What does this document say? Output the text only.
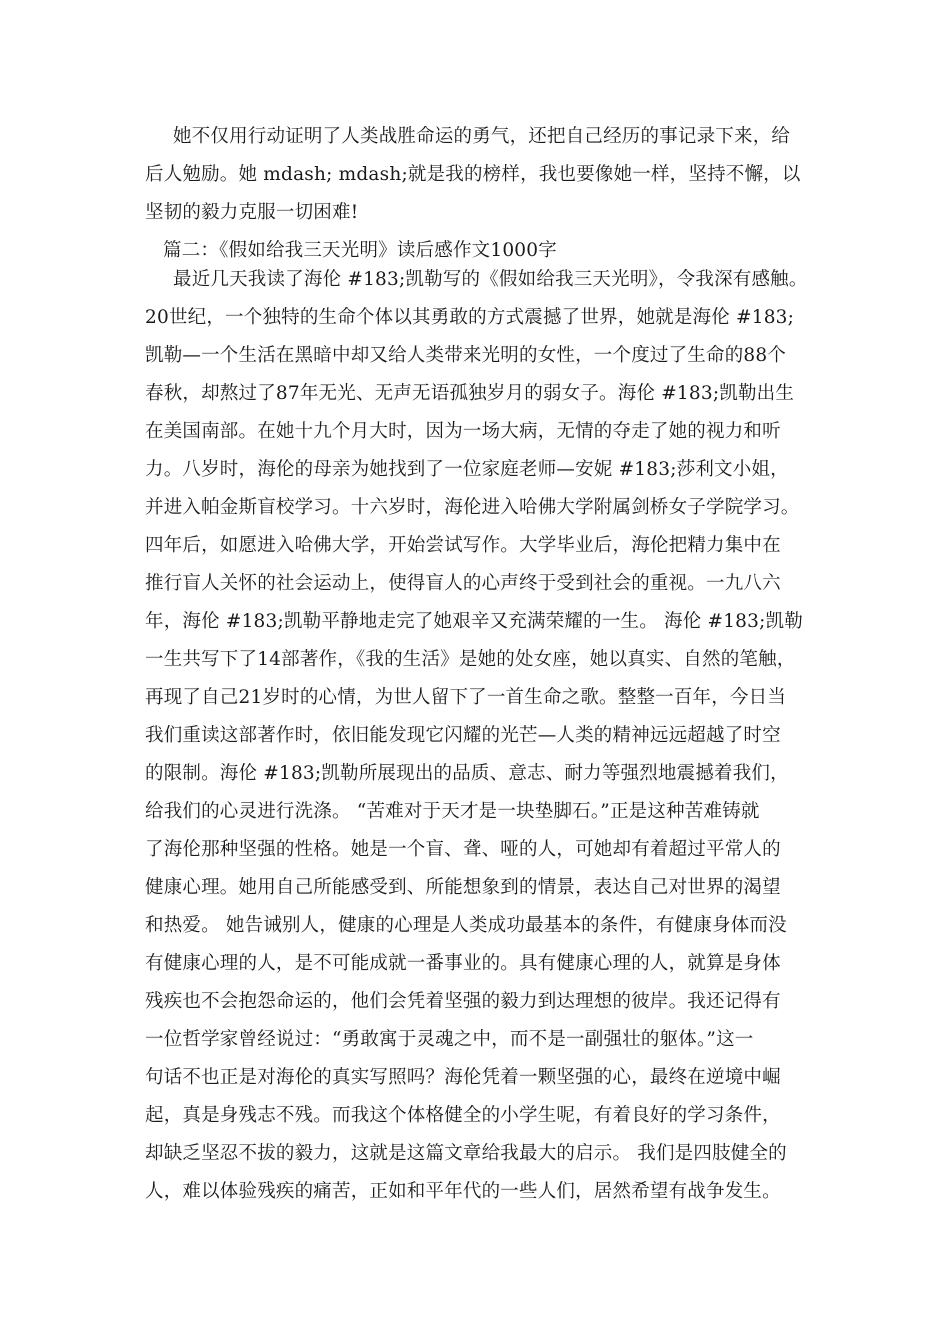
她不仅用行动证明了人类战胜命运的勇气，还把自己经历的事记录下来，给
后人勉励。她 mdash; mdash;就是我的榜样，我也要像她一样，坚持不懈，以
坚韧的毅力克服一切困难!
篇二：《假如给我三天光明》读后感作文1000字
最近几天我读了海伦 #183;凯勒写的《假如给我三天光明》，令我深有感触。
20世纪，一个独特的生命个体以其勇敢的方式震撼了世界，她就是海伦 #183;
凯勒—一个生活在黑暗中却又给人类带来光明的女性，一个度过了生命的88个
春秋，却熬过了87年无光、无声无语孤独岁月的弱女子。海伦 #183;凯勒出生
在美国南部。在她十九个月大时，因为一场大病，无情的夺走了她的视力和听
力。八岁时，海伦的母亲为她找到了一位家庭老师—安妮 #183;莎利文小姐，
并进入帕金斯盲校学习。十六岁时，海伦进入哈佛大学附属剑桥女子学院学习。
四年后，如愿进入哈佛大学，开始尝试写作。大学毕业后，海伦把精力集中在
推行盲人关怀的社会运动上，使得盲人的心声终于受到社会的重视。一九八六
年，海伦 #183;凯勒平静地走完了她艰辛又充满荣耀的一生。 海伦 #183;凯勒
一生共写下了14部著作，《我的生活》是她的处女座，她以真实、自然的笔触，
再现了自己21岁时的心情，为世人留下了一首生命之歌。整整一百年，今日当
我们重读这部著作时，依旧能发现它闪耀的光芒—人类的精神远远超越了时空
的限制。海伦 #183;凯勒所展现出的品质、意志、耐力等强烈地震撼着我们，
给我们的心灵进行洗涤。 “苦难对于天才是一块垫脚石。”正是这种苦难铸就
了海伦那种坚强的性格。她是一个盲、聋、哑的人，可她却有着超过平常人的
健康心理。她用自己所能感受到、所能想象到的情景，表达自己对世界的渴望
和热爱。 她告诫别人，健康的心理是人类成功最基本的条件，有健康身体而没
有健康心理的人，是不可能成就一番事业的。具有健康心理的人，就算是身体
残疾也不会抱怨命运的，他们会凭着坚强的毅力到达理想的彼岸。我还记得有
一位哲学家曾经说过：“勇敢寓于灵魂之中，而不是一副强壮的躯体。”这一
句话不也正是对海伦的真实写照吗？海伦凭着一颗坚强的心，最终在逆境中崛
起，真是身残志不残。而我这个体格健全的小学生呢，有着良好的学习条件，
却缺乏坚忍不拔的毅力，这就是这篇文章给我最大的启示。 我们是四肢健全的
人，难以体验残疾的痛苦，正如和平年代的一些人们，居然希望有战争发生。
